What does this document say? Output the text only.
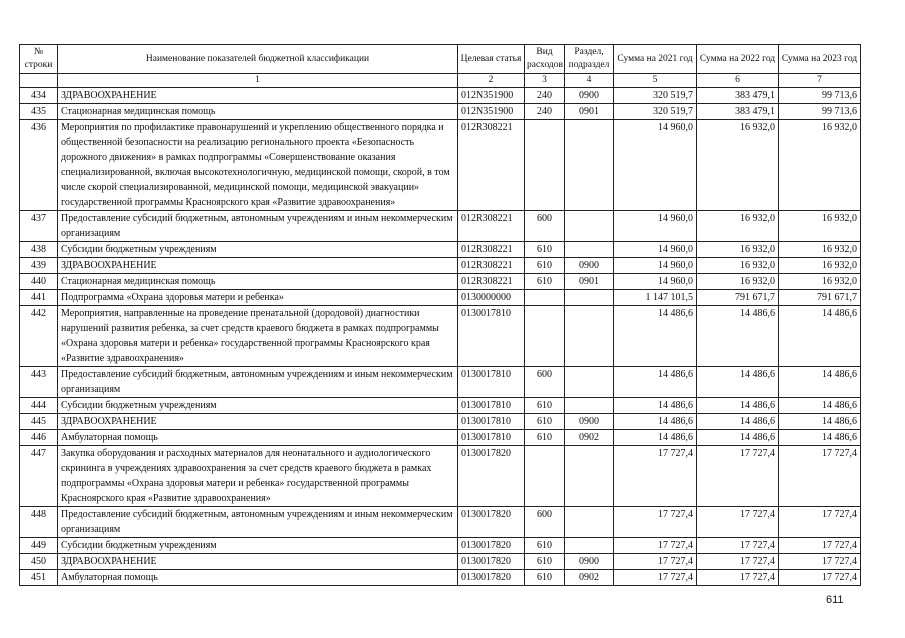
№ строки	Наименование показателей бюджетной классификации	Целевая статья	Вид расходов	Раздел, подраздел	Сумма на 2021 год	Сумма на 2022 год	Сумма на 2023 год
	1	2	3	4	5	6	7
434	ЗДРАВООХРАНЕНИЕ	012N351900	240	0900	320 519,7	383 479,1	99 713,6
435	Стационарная медицинская помощь	012N351900	240	0901	320 519,7	383 479,1	99 713,6
436	Мероприятия по профилактике правонарушений и укреплению общественного порядка и общественной безопасности на реализацию регионального проекта «Безопасность дорожного движения» в рамках подпрограммы «Совершенствование оказания специализированной, включая высокотехнологичную, медицинской помощи, скорой, в том числе скорой специализированной, медицинской помощи, медицинской эвакуации» государственной программы Красноярского края «Развитие здравоохранения»	012R308221			14 960,0	16 932,0	16 932,0
437	Предоставление субсидий бюджетным, автономным учреждениям и иным некоммерческим организациям	012R308221	600		14 960,0	16 932,0	16 932,0
438	Субсидии бюджетным учреждениям	012R308221	610		14 960,0	16 932,0	16 932,0
439	ЗДРАВООХРАНЕНИЕ	012R308221	610	0900	14 960,0	16 932,0	16 932,0
440	Стационарная медицинская помощь	012R308221	610	0901	14 960,0	16 932,0	16 932,0
441	Подпрограмма «Охрана здоровья матери и ребенка»	0130000000			1 147 101,5	791 671,7	791 671,7
442	Мероприятия, направленные на проведение пренатальной (дородовой) диагностики нарушений развития ребенка, за счет средств краевого бюджета в рамках подпрограммы «Охрана здоровья матери и ребенка» государственной программы Красноярского края «Развитие здравоохранения»	0130017810			14 486,6	14 486,6	14 486,6
443	Предоставление субсидий бюджетным, автономным учреждениям и иным некоммерческим организациям	0130017810	600		14 486,6	14 486,6	14 486,6
444	Субсидии бюджетным учреждениям	0130017810	610		14 486,6	14 486,6	14 486,6
445	ЗДРАВООХРАНЕНИЕ	0130017810	610	0900	14 486,6	14 486,6	14 486,6
446	Амбулаторная помощь	0130017810	610	0902	14 486,6	14 486,6	14 486,6
447	Закупка оборудования и расходных материалов для неонатального и аудиологического скрининга в учреждениях здравоохранения за счет средств краевого бюджета в рамках подпрограммы «Охрана здоровья матери и ребенка» государственной программы Красноярского края «Развитие здравоохранения»	0130017820			17 727,4	17 727,4	17 727,4
448	Предоставление субсидий бюджетным, автономным учреждениям и иным некоммерческим организациям	0130017820	600		17 727,4	17 727,4	17 727,4
449	Субсидии бюджетным учреждениям	0130017820	610		17 727,4	17 727,4	17 727,4
450	ЗДРАВООХРАНЕНИЕ	0130017820	610	0900	17 727,4	17 727,4	17 727,4
451	Амбулаторная помощь	0130017820	610	0902	17 727,4	17 727,4	17 727,4
611
